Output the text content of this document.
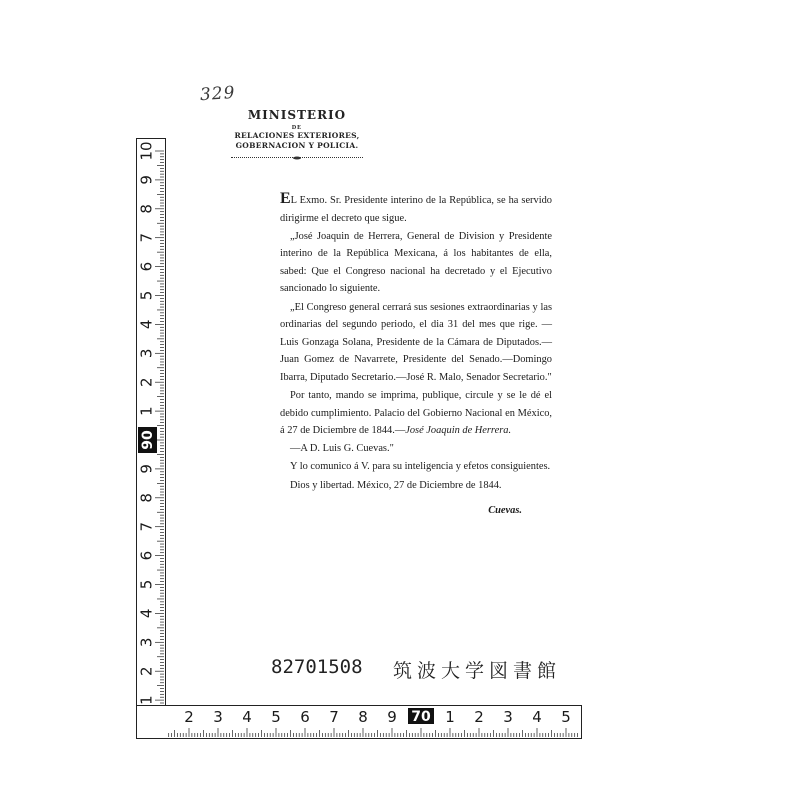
329
MINISTERIO
DE
RELACIONES EXTERIORES,
GOBERNACION Y POLICIA.

EL Exmo. Sr. Presidente interino de la República, se ha servido dirigirme el decreto que sigue.

„José Joaquin de Herrera, General de Division y Presidente interino de la República Mexicana, á los habitantes de ella, sabed: Que el Congreso nacional ha decretado y el Ejecutivo sancionado lo siguiente.

„El Congreso general cerrará sus sesiones extraordinarias y las ordinarias del segundo periodo, el dia 31 del mes que rige. —Luis Gonzaga Solana, Presidente de la Cámara de Diputados.—Juan Gomez de Navarrete, Presidente del Senado.—Domingo Ibarra, Diputado Secretario.—José R. Malo, Senador Secretario."

Por tanto, mando se imprima, publique, circule y se le dé el debido cumplimiento. Palacio del Gobierno Nacional en México, á 27 de Diciembre de 1844.—José Joaquin de Herrera.

—A D. Luis G. Cuevas."

Y lo comunico á V. para su inteligencia y efetos consiguientes.

Dios y libertad. México, 27 de Diciembre de 1844.

Cuevas.
82701508 筑波大学図書館
10
9
8
7
6
5
4
3
2
1
90
9
8
7
6
5
4
3
2
1
2 3 4 5 6 7 8 9 70 1 2 3 4 5
